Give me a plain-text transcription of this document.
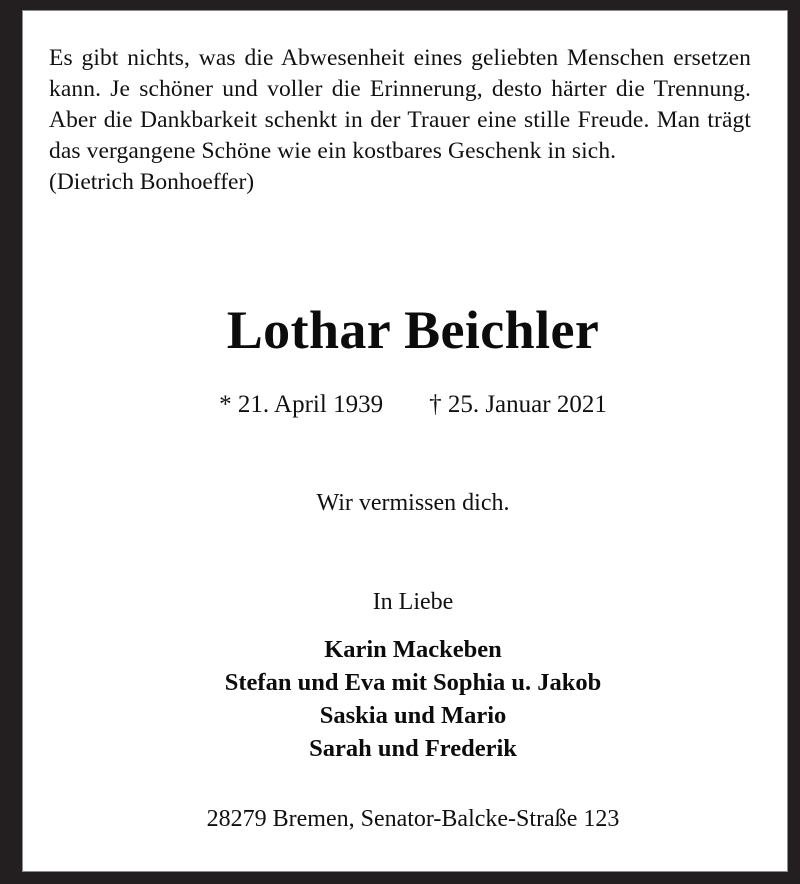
Es gibt nichts, was die Abwesenheit eines geliebten Menschen ersetzen kann. Je schöner und voller die Erinnerung, desto härter die Trennung. Aber die Dankbarkeit schenkt in der Trauer eine stille Freude. Man trägt das vergangene Schöne wie ein kostbares Geschenk in sich.

(Dietrich Bonhoeffer)

Lothar Beichler
* 21. April 1939 † 25. Januar 2021
Wir vermissen dich.

In Liebe

Karin Mackeben

Stefan und Eva mit Sophia u. Jakob

Saskia und Mario

Sarah und Frederik

28279 Bremen, Senator-Balcke-Straße 123
